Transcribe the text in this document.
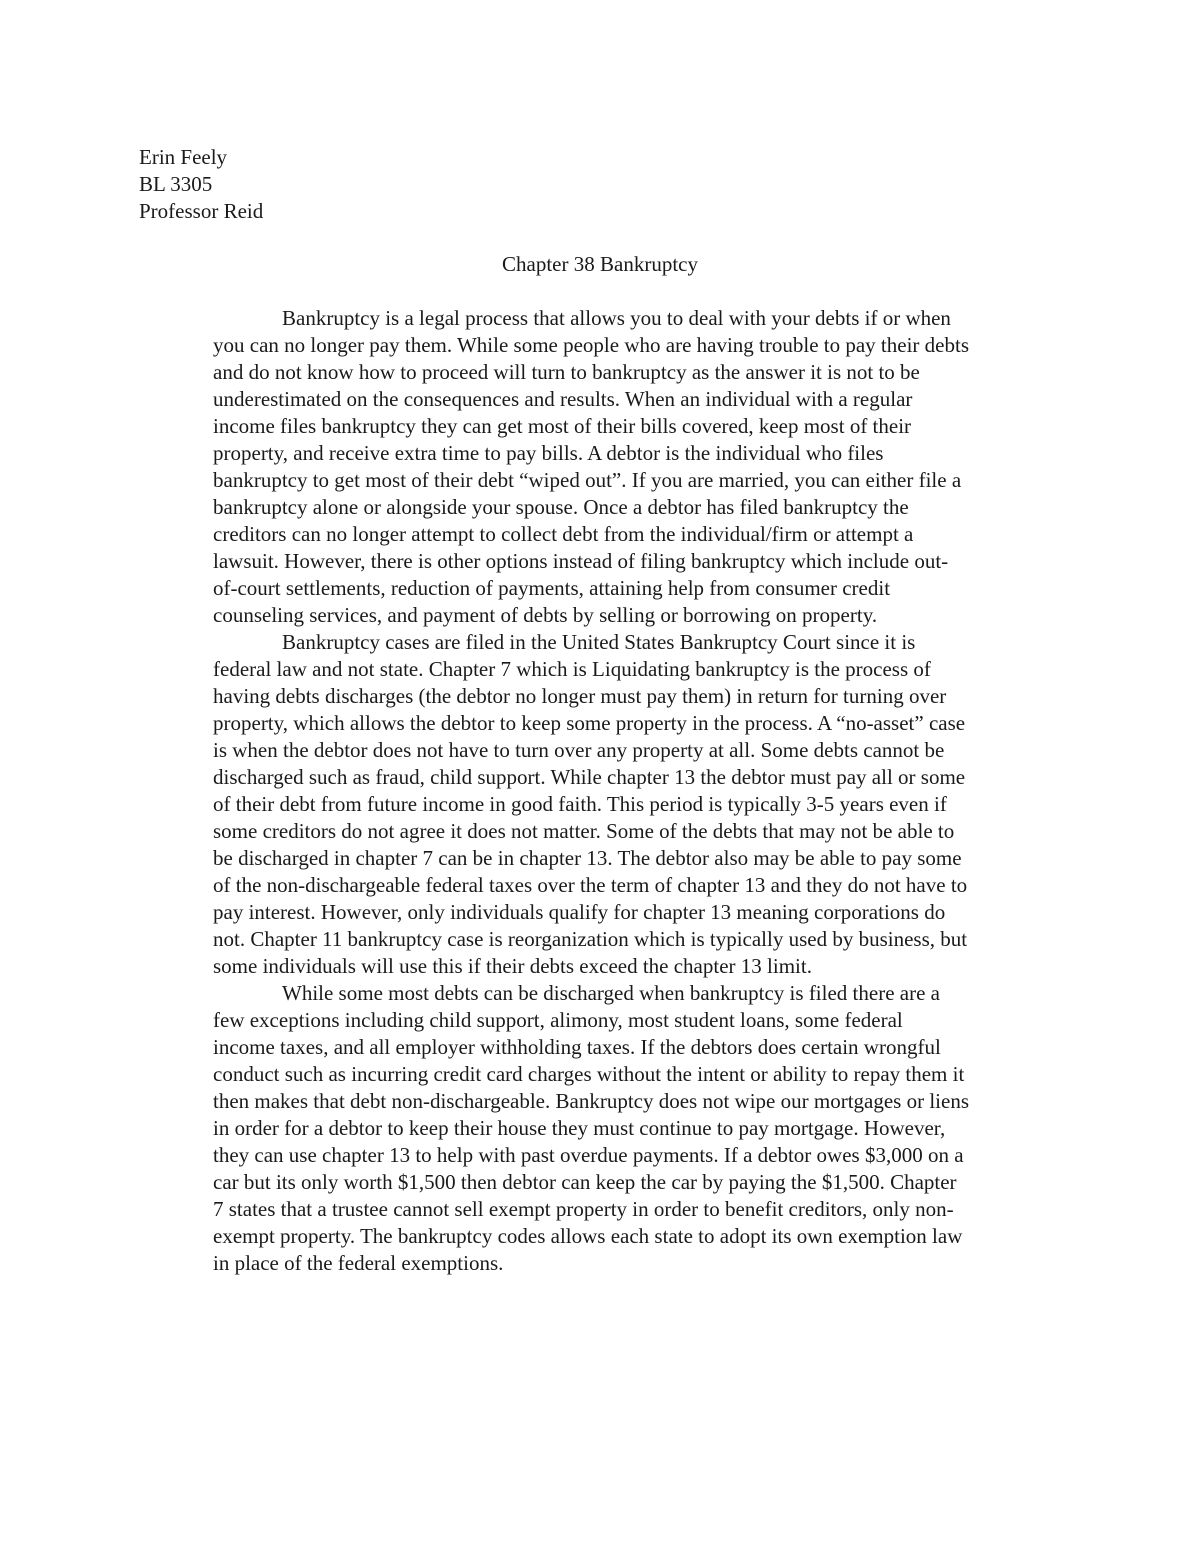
Erin Feely
BL 3305
Professor Reid
Chapter 38 Bankruptcy
Bankruptcy is a legal process that allows you to deal with your debts if or when
you can no longer pay them. While some people who are having trouble to pay their debts
and do not know how to proceed will turn to bankruptcy as the answer it is not to be
underestimated on the consequences and results. When an individual with a regular
income files bankruptcy they can get most of their bills covered, keep most of their
property, and receive extra time to pay bills. A debtor is the individual who files
bankruptcy to get most of their debt “wiped out”. If you are married, you can either file a
bankruptcy alone or alongside your spouse. Once a debtor has filed bankruptcy the
creditors can no longer attempt to collect debt from the individual/firm or attempt a
lawsuit. However, there is other options instead of filing bankruptcy which include out-
of-court settlements, reduction of payments, attaining help from consumer credit
counseling services, and payment of debts by selling or borrowing on property.
Bankruptcy cases are filed in the United States Bankruptcy Court since it is
federal law and not state. Chapter 7 which is Liquidating bankruptcy is the process of
having debts discharges (the debtor no longer must pay them) in return for turning over
property, which allows the debtor to keep some property in the process. A “no-asset” case
is when the debtor does not have to turn over any property at all. Some debts cannot be
discharged such as fraud, child support. While chapter 13 the debtor must pay all or some
of their debt from future income in good faith. This period is typically 3-5 years even if
some creditors do not agree it does not matter. Some of the debts that may not be able to
be discharged in chapter 7 can be in chapter 13. The debtor also may be able to pay some
of the non-dischargeable federal taxes over the term of chapter 13 and they do not have to
pay interest. However, only individuals qualify for chapter 13 meaning corporations do
not. Chapter 11 bankruptcy case is reorganization which is typically used by business, but
some individuals will use this if their debts exceed the chapter 13 limit.
While some most debts can be discharged when bankruptcy is filed there are a
few exceptions including child support, alimony, most student loans, some federal
income taxes, and all employer withholding taxes. If the debtors does certain wrongful
conduct such as incurring credit card charges without the intent or ability to repay them it
then makes that debt non-dischargeable. Bankruptcy does not wipe our mortgages or liens
in order for a debtor to keep their house they must continue to pay mortgage. However,
they can use chapter 13 to help with past overdue payments. If a debtor owes $3,000 on a
car but its only worth $1,500 then debtor can keep the car by paying the $1,500. Chapter
7 states that a trustee cannot sell exempt property in order to benefit creditors, only non-
exempt property. The bankruptcy codes allows each state to adopt its own exemption law
in place of the federal exemptions.
